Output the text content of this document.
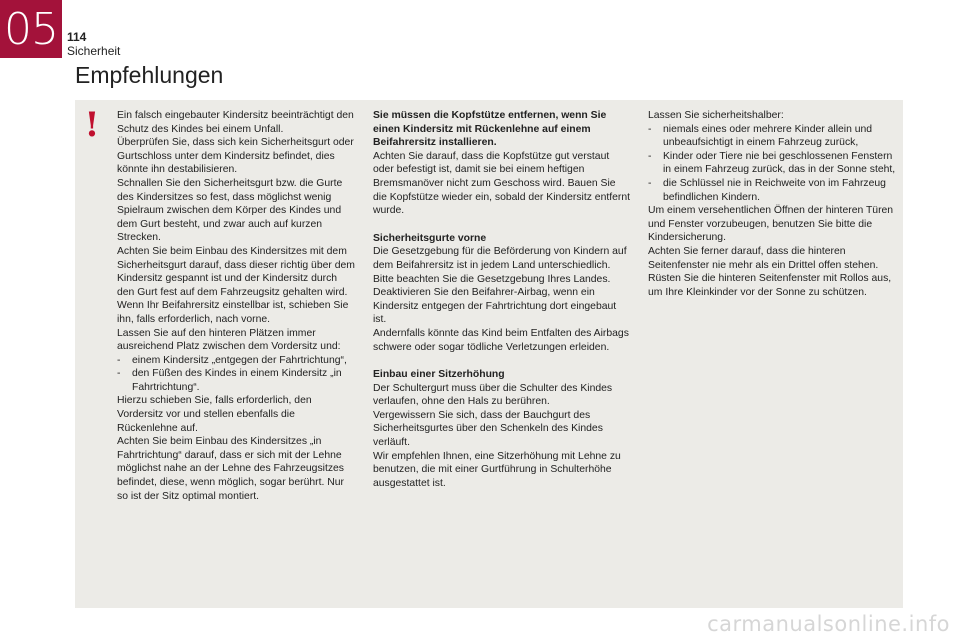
05 114
Sicherheit
Empfehlungen
! Ein falsch eingebauter Kindersitz beeinträchtigt den Schutz des Kindes bei einem Unfall.

Überprüfen Sie, dass sich kein Sicherheitsgurt oder Gurtschloss unter dem Kindersitz befindet, dies könnte ihn destabilisieren.

Schnallen Sie den Sicherheitsgurt bzw. die Gurte des Kindersitzes so fest, dass möglichst wenig Spielraum zwischen dem Körper des Kindes und dem Gurt besteht, und zwar auch auf kurzen Strecken.

Achten Sie beim Einbau des Kindersitzes mit dem Sicherheitsgurt darauf, dass dieser richtig über dem Kindersitz gespannt ist und der Kindersitz durch den Gurt fest auf dem Fahrzeugsitz gehalten wird. Wenn Ihr Beifahrersitz einstellbar ist, schieben Sie ihn, falls erforderlich, nach vorne.

Lassen Sie auf den hinteren Plätzen immer ausreichend Platz zwischen dem Vordersitz und:

- einem Kindersitz „entgegen der Fahrtrichtung“,
- den Füßen des Kindes in einem Kindersitz „in Fahrtrichtung“.

Hierzu schieben Sie, falls erforderlich, den Vordersitz vor und stellen ebenfalls die Rückenlehne auf.

Achten Sie beim Einbau des Kindersitzes „in Fahrtrichtung“ darauf, dass er sich mit der Lehne möglichst nahe an der Lehne des Fahrzeugsitzes befindet, diese, wenn möglich, sogar berührt. Nur so ist der Sitz optimal montiert.

Sie müssen die Kopfstütze entfernen, wenn Sie einen Kindersitz mit Rückenlehne auf einem Beifahrersitz installieren.

Achten Sie darauf, dass die Kopfstütze gut verstaut oder befestigt ist, damit sie bei einem heftigen Bremsmanöver nicht zum Geschoss wird. Bauen Sie die Kopfstütze wieder ein, sobald der Kindersitz entfernt wurde.

Sicherheitsgurte vorne

Die Gesetzgebung für die Beförderung von Kindern auf dem Beifahrersitz ist in jedem Land unterschiedlich. Bitte beachten Sie die Gesetzgebung Ihres Landes.

Deaktivieren Sie den Beifahrer-Airbag, wenn ein Kindersitz entgegen der Fahrtrichtung dort eingebaut ist.

Andernfalls könnte das Kind beim Entfalten des Airbags schwere oder sogar tödliche Verletzungen erleiden.

Einbau einer Sitzerhöhung

Der Schultergurt muss über die Schulter des Kindes verlaufen, ohne den Hals zu berühren.

Vergewissern Sie sich, dass der Bauchgurt des Sicherheitsgurtes über den Schenkeln des Kindes verläuft.

Wir empfehlen Ihnen, eine Sitzerhöhung mit Lehne zu benutzen, die mit einer Gurtführung in Schulterhöhe ausgestattet ist.

Lassen Sie sicherheitshalber:

- niemals eines oder mehrere Kinder allein und unbeaufsichtigt in einem Fahrzeug zurück,
- Kinder oder Tiere nie bei geschlossenen Fenstern in einem Fahrzeug zurück, das in der Sonne steht,
- die Schlüssel nie in Reichweite von im Fahrzeug befindlichen Kindern.

Um einem versehentlichen Öffnen der hinteren Türen und Fenster vorzubeugen, benutzen Sie bitte die Kindersicherung.

Achten Sie ferner darauf, dass die hinteren Seitenfenster nie mehr als ein Drittel offen stehen.

Rüsten Sie die hinteren Seitenfenster mit Rollos aus, um Ihre Kleinkinder vor der Sonne zu schützen.

carmanualsonline.info
